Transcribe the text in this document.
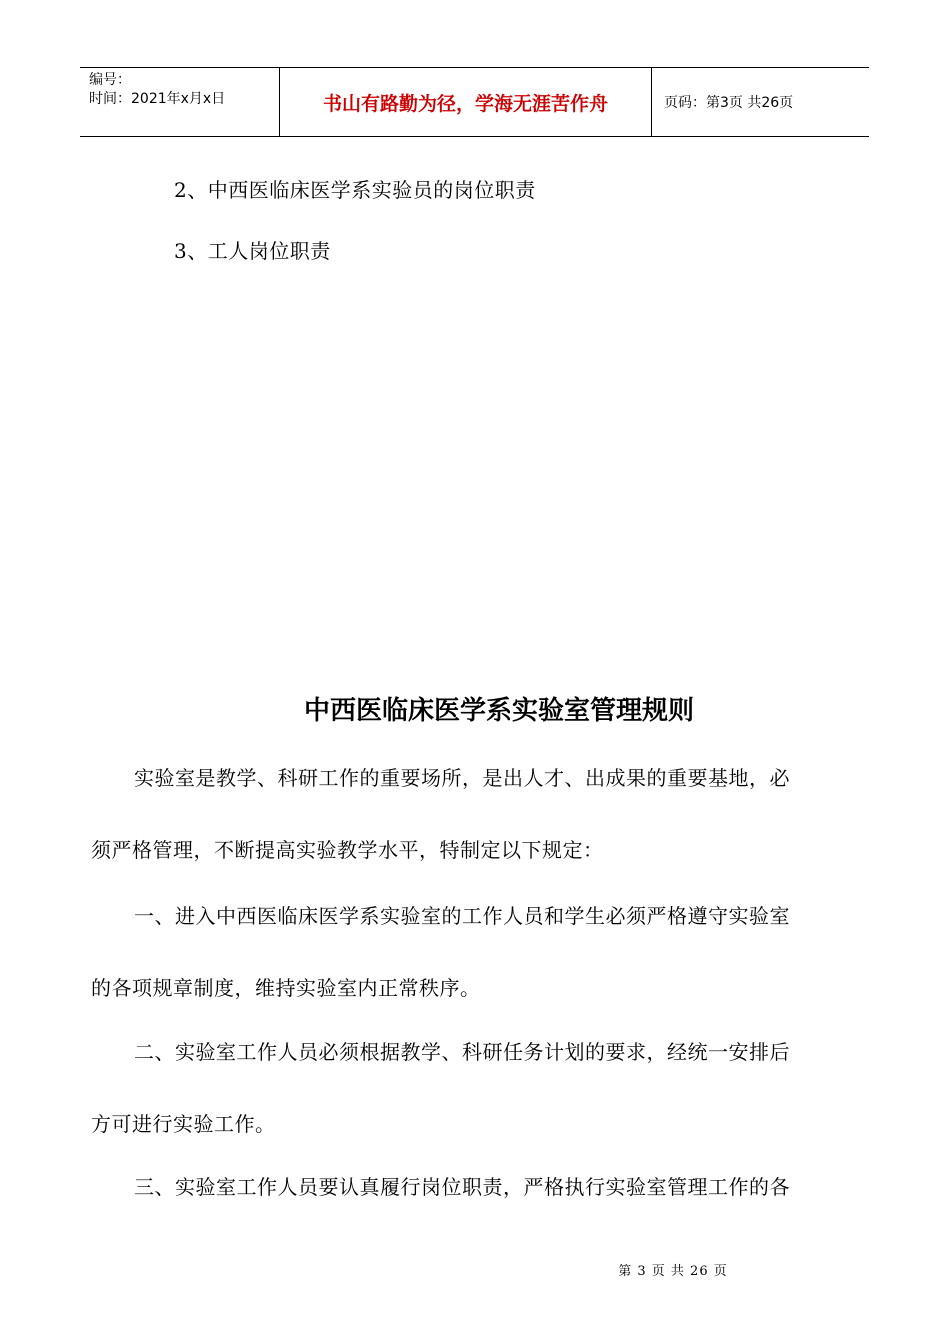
编号：
时间：2021年x月x日	书山有路勤为径，学海无涯苦作舟	页码：第3页 共26页
2、中西医临床医学系实验员的岗位职责
3、工人岗位职责
中西医临床医学系实验室管理规则
实验室是教学、科研工作的重要场所，是出人才、出成果的重要基地，必
须严格管理，不断提高实验教学水平，特制定以下规定：
一、进入中西医临床医学系实验室的工作人员和学生必须严格遵守实验室
的各项规章制度，维持实验室内正常秩序。
二、实验室工作人员必须根据教学、科研任务计划的要求，经统一安排后
方可进行实验工作。
三、实验室工作人员要认真履行岗位职责，严格执行实验室管理工作的各
第 3 页 共 26 页
